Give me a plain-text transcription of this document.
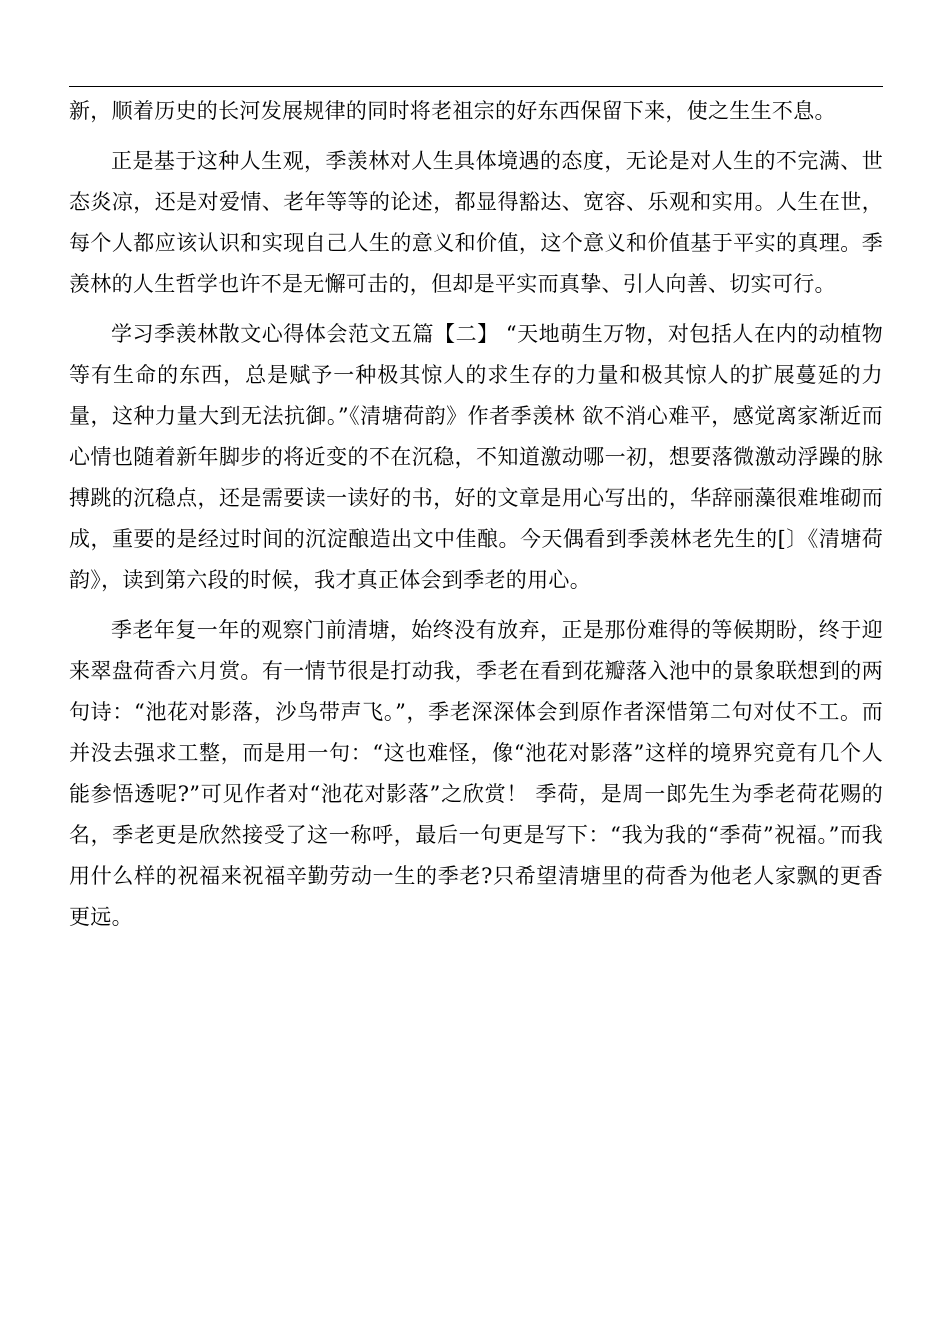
新，顺着历史的长河发展规律的同时将老祖宗的好东西保留下来，使之生生不息。

正是基于这种人生观，季羡林对人生具体境遇的态度，无论是对人生的不完满、世态炎凉，还是对爱情、老年等等的论述，都显得豁达、宽容、乐观和实用。人生在世，每个人都应该认识和实现自己人生的意义和价值，这个意义和价值基于平实的真理。季羡林的人生哲学也许不是无懈可击的，但却是平实而真挚、引人向善、切实可行。

学习季羡林散文心得体会范文五篇【二】 “天地萌生万物，对包括人在内的动植物等有生命的东西，总是赋予一种极其惊人的求生存的力量和极其惊人的扩展蔓延的力量，这种力量大到无法抗御。”《清塘荷韵》作者季羡林 欲不消心难平，感觉离家渐近而心情也随着新年脚步的将近变的不在沉稳，不知道激动哪一初，想要落微激动浮躁的脉搏跳的沉稳点，还是需要读一读好的书，好的文章是用心写出的，华辞丽藻很难堆砌而成，重要的是经过时间的沉淀酿造出文中佳酿。今天偶看到季羡林老先生的[〕《清塘荷韵》，读到第六段的时候，我才真正体会到季老的用心。

季老年复一年的观察门前清塘，始终没有放弃，正是那份难得的等候期盼，终于迎来翠盘荷香六月赏。有一情节很是打动我，季老在看到花瓣落入池中的景象联想到的两句诗：“池花对影落，沙鸟带声飞。”，季老深深体会到原作者深惜第二句对仗不工。而并没去强求工整，而是用一句：“这也难怪，像“池花对影落”这样的境界究竟有几个人能参悟透呢?”可见作者对“池花对影落”之欣赏！ 季荷，是周一郎先生为季老荷花赐的名，季老更是欣然接受了这一称呼，最后一句更是写下：“我为我的“季荷”祝福。”而我用什么样的祝福来祝福辛勤劳动一生的季老?只希望清塘里的荷香为他老人家飘的更香更远。
